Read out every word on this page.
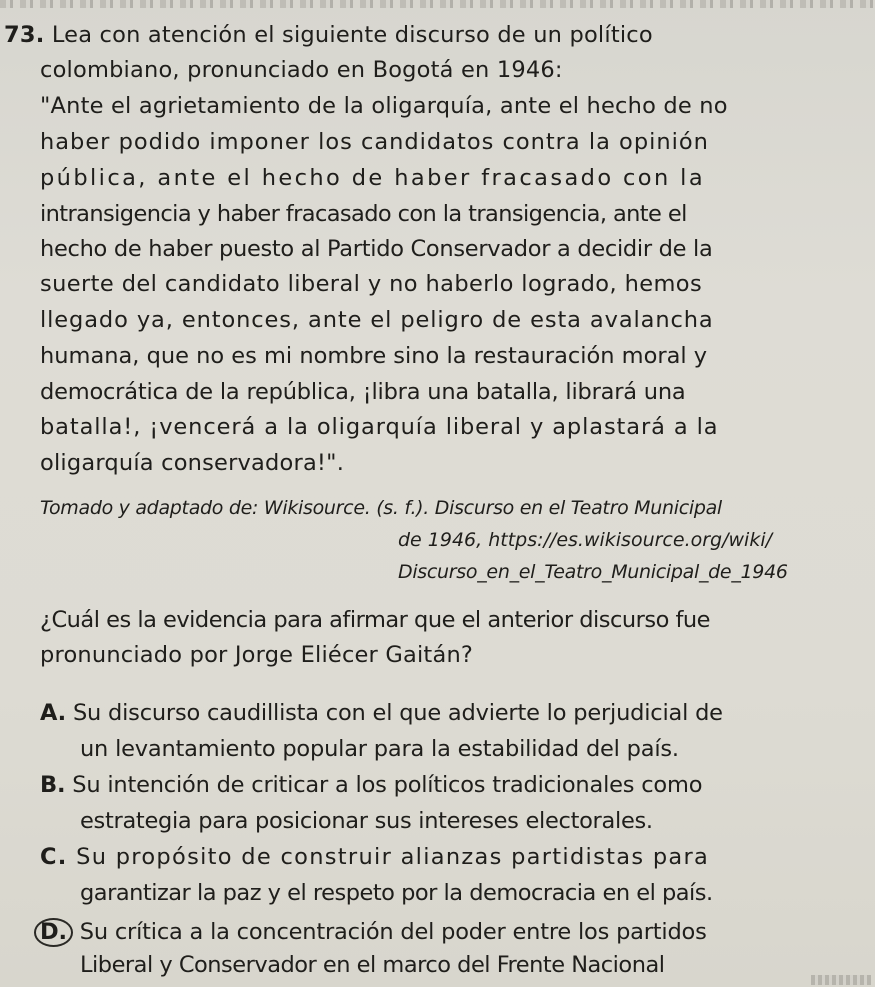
73. Lea con atención el siguiente discurso de un político
colombiano, pronunciado en Bogotá en 1946:
"Ante el agrietamiento de la oligarquía, ante el hecho de no
haber podido imponer los candidatos contra la opinión
pública, ante el hecho de haber fracasado con la
intransigencia y haber fracasado con la transigencia, ante el
hecho de haber puesto al Partido Conservador a decidir de la
suerte del candidato liberal y no haberlo logrado, hemos
llegado ya, entonces, ante el peligro de esta avalancha
humana, que no es mi nombre sino la restauración moral y
democrática de la república, ¡libra una batalla, librará una
batalla!, ¡vencerá a la oligarquía liberal y aplastará a la
oligarquía conservadora!".
Tomado y adaptado de: Wikisource. (s. f.). Discurso en el Teatro Municipal
de 1946, https://es.wikisource.org/wiki/
Discurso_en_el_Teatro_Municipal_de_1946
¿Cuál es la evidencia para afirmar que el anterior discurso fue
pronunciado por Jorge Eliécer Gaitán?
A. Su discurso caudillista con el que advierte lo perjudicial de
un levantamiento popular para la estabilidad del país.
B. Su intención de criticar a los políticos tradicionales como
estrategia para posicionar sus intereses electorales.
C. Su propósito de construir alianzas partidistas para
garantizar la paz y el respeto por la democracia en el país.
D. Su crítica a la concentración del poder entre los partidos
Liberal y Conservador en el marco del Frente Nacional
